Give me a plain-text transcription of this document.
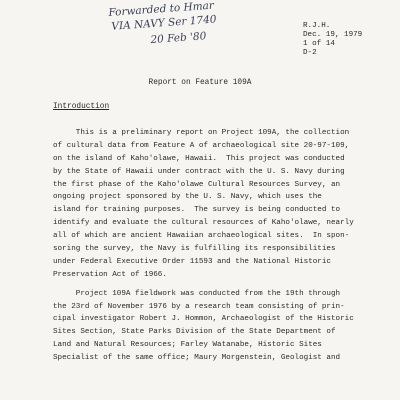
Forwarded to Hmar
VIA NAVY Ser 1740
20 Feb '80
R.J.H.
Dec. 19, 1979
1 of 14
D-2
Report on Feature 109A
Introduction
This is a preliminary report on Project 109A, the collection
of cultural data from Feature A of archaeological site 20-97-109,
on the island of Kaho'olawe, Hawaii.  This project was conducted
by the State of Hawaii under contract with the U. S. Navy during
the first phase of the Kaho'olawe Cultural Resources Survey, an
ongoing project sponsored by the U. S. Navy, which uses the
island for training purposes.  The survey is being conducted to
identify and evaluate the cultural resources of Kaho'olawe, nearly
all of which are ancient Hawaiian archaeological sites.  In spon-
soring the survey, the Navy is fulfilling its responsibilities
under Federal Executive Order 11593 and the National Historic
Preservation Act of 1966.
Project 109A fieldwork was conducted from the 19th through
the 23rd of November 1976 by a research team consisting of prin-
cipal investigator Robert J. Hommon, Archaeologist of the Historic
Sites Section, State Parks Division of the State Department of
Land and Natural Resources; Farley Watanabe, Historic Sites
Specialist of the same office; Maury Morgenstein, Geologist and
